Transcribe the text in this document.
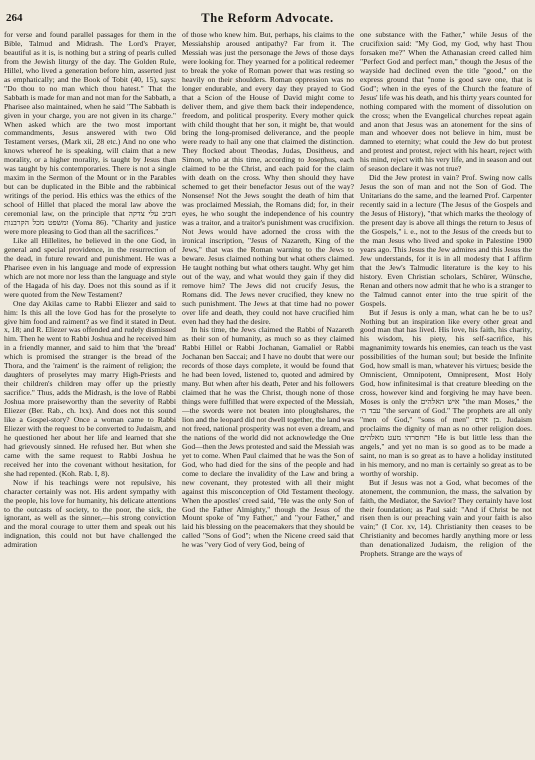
264	The Reform Advocate.

for verse and found parallel passages for them in the Bible, Talmud and Midrash. The Lord's Prayer, beautiful as it is, is nothing but a string of pearls culled from the Jewish liturgy of the day. The Golden Rule, Hillel, who lived a generation before him, asserted just as emphatically; and the Book of Tobit (40, 15), says: "Do thou to no man which thou hatest." That the Sabbath is made for man and not man for the Sabbath, a Pharisee also maintained, when he said "The Sabbath is given in your charge, you are not given in its charge." When asked which are the two most important commandments, Jesus answered with two Old Testament verses, (Mark xii, 28 etc.) And no one who knows whereof he is speaking, will claim that a new morality, or a higher morality, is taught by Jesus than was taught by his contemporaries. There is not a single maxim in the Sermon of the Mount or in the Parables but can be duplicated in the Bible and the rabbinical writings of the period. His ethics was the ethics of the school of Hillel that placed the moral law above the ceremonial law, on the principle that חביב עלי צדקה ומשפט מכל הקרבנות (Yoma 86). "Charity and justice were more pleasing to God than all the sacrifices."

Like all Hillelites, he believed in the one God, in general and special providence, in the resurrection of the dead, in future reward and punishment. He was a Pharisee even in his language and mode of expression which are not more nor less than the language and style of the Hagada of his day. Does not this sound as if it were quoted from the New Testament?

One day Akilas came to Rabbi Eliezer and said to him: Is this all the love God has for the proselyte to give him food and raiment? as we find it stated in Deut. x, 18; and R. Eliezer was offended and rudely dismissed him. Then he went to Rabbi Joshua and he received him in a friendly manner, and said to him that 'the 'bread' which is promised the stranger is the bread of the Thora, and the 'raiment' is the raiment of religion; the daughters of proselytes may marry High-Priests and their children's children may offer up the priestly sacrifice." Thus, adds the Midrash, is the love of Rabbi Joshua more praiseworthy than the severity of Rabbi Eliezer (Ber. Rab., ch. lxx). And does not this sound like a Gospel-story? Once a woman came to Rabbi Eliezer with the request to be converted to Judaism, and he questioned her about her life and learned that she had grievously sinned. He refused her. But when she came with the same request to Rabbi Joshua he received her into the covenant without hesitation, for she had repented. (Koh. Rab. I, 8).

Now if his teachings were not repulsive, his character certainly was not. His ardent sympathy with the people, his love for humanity, his delicate attentions to the outcasts of society, to the poor, the sick, the ignorant, as well as the sinner,—his strong conviction and the moral courage to utter them and speak out his indignation, this could not but have challenged the admiration

of those who knew him. But, perhaps, his claims to the Messiahship aroused antipathy? Far from it. The Messiah was just the personage the Jews of those days were looking for. They yearned for a political redeemer to break the yoke of Roman power that was resting so heavily on their shoulders. Roman oppression was no longer endurable, and every day they prayed to God that a Scion of the House of David might come to deliver them, and give them back their independence, freedom, and political prosperity. Every mother quick with child thought that her son, it might be, that would bring the long-promised deliverance, and the people were ready to hail any one that claimed the distinction. They flocked about Theodas, Judas, Dositheus, and Simon, who at this time, according to Josephus, each claimed to be the Christ, and each paid for the claim with death on the cross. Why then should they have schemed to get their benefactor Jesus out of the way? Nonsense! Not the Jews sought the death of him that was proclaimed Messiah, the Romans did; for, in their eyes, he who sought the independence of his country was a traitor, and a traitor's punishment was crucifixion. Not Jews would have adorned the cross with the ironical inscription, "Jesus of Nazareth, King of the Jews," that was the Roman warning to the Jews to beware. Jesus claimed nothing but what others claimed. He taught nothing but what others taught. Why get him out of the way, and what would they gain if they did remove him? The Jews did not crucify Jesus, the Romans did. The Jews never crucified, they knew no such punishment. The Jews at that time had no power over life and death, they could not have crucified him even had they had the desire.

In his time, the Jews claimed the Rabbi of Nazareth as their son of humanity, as much so as they claimed Rabbi Hillel or Rabbi Jochanan, Gamaliel or Rabbi Jochanan ben Saccai; and I have no doubt that were our records of those days complete, it would be found that he had been loved, listened to, quoted and admired by many. But when after his death, Peter and his followers claimed that he was the Christ, though none of those things were fulfilled that were expected of the Messiah,—the swords were not beaten into ploughshares, the lion and the leopard did not dwell together, the land was not freed, national prosperity was not even a dream, and the nations of the world did not acknowledge the One God—then the Jews protested and said the Messiah was yet to come. When Paul claimed that he was the Son of God, who had died for the sins of the people and had come to declare the invalidity of the Law and bring a new covenant, they protested with all their might against this misconception of Old Testament theology. When the apostles' creed said, "He was the only Son of God the Father Almighty," though the Jesus of the Mount spoke of "my Father," and "your Father," and laid his blessing on the peacemakers that they should be called "Sons of God"; when the Nicene creed said that he was "very God of very God, being of

one substance with the Father," while Jesus of the crucifixion said: "My God, my God, why hast Thou forsaken me?" When the Athanasian creed called him "Perfect God and perfect man," though the Jesus of the wayside had declined even the title "good," on the express ground that "none is good save one, that is God"; when in the eyes of the Church the feature of Jesus' life was his death, and his thirty years counted for nothing compared with the moment of dissolution on the cross; when the Evangelical churches repeat again and anon that Jesus was an atonement for the sins of man and whoever does not believe in him, must be damned to eternity; what could the Jew do but protest and protest and protest, reject with his heart, reject with his mind, reject with his very life, and in season and out of season declare it was not true?

Did the Jew protest in vain? Prof. Swing now calls Jesus the son of man and not the Son of God. The Unitarians do the same, and the learned Prof. Carpenter recently said in a lecture (The Jesus of the Gospels and the Jesus of History), "that which marks the theology of the present day is above all things the return to Jesus of the Gospels," i. e., not to the Jesus of the creeds but to the man Jesus who lived and spoke in Palestine 1900 years ago. This Jesus the Jew admires and this Jesus the Jew understands, for it is in all modesty that I affirm that the Jew's Talmudic literature is the key to his history. Even Christian scholars, Schürer, Wünsche, Renan and others now admit that he who is a stranger to the Talmud cannot enter into the true spirit of the Gospels.

But if Jesus is only a man, what can he be to us? Nothing but an inspiration like every other great and good man that has lived. His love, his faith, his charity, his wisdom, his piety, his self-sacrifice, his magnanimity towards his enemies, can teach us the vast possibilities of the human soul; but beside the Infinite God, how small is man, whatever his virtues; beside the Omniscient, Omnipotent, Omnipresent, Most Holy God, how infinitesimal is that creature bleeding on the cross, however kind and forgiving he may have been. Moses is only the איש האלהים "the man Moses," the עבד ה׳ "the servant of God." The prophets are all only "men of God," "sons of men" בן אדם. Judaism proclaims the dignity of man as no other religion does. ותחסרהו מעט מאלהים "He is but little less than the angels," and yet no man is so good as to be made a saint, no man is so great as to have a holiday instituted in his memory, and no man is certainly so great as to be worthy of worship.

But if Jesus was not a God, what becomes of the atonement, the communion, the mass, the salvation by faith, the Mediator, the Savior? They certainly have lost their foundation; as Paul said: "And if Christ be not risen then is our preaching vain and your faith is also vain;" (I Cor. xv, 14). Christianity then ceases to be Christianity and becomes hardly anything more or less than denationalized Judaism, the religion of the Prophets. Strange are the ways of
